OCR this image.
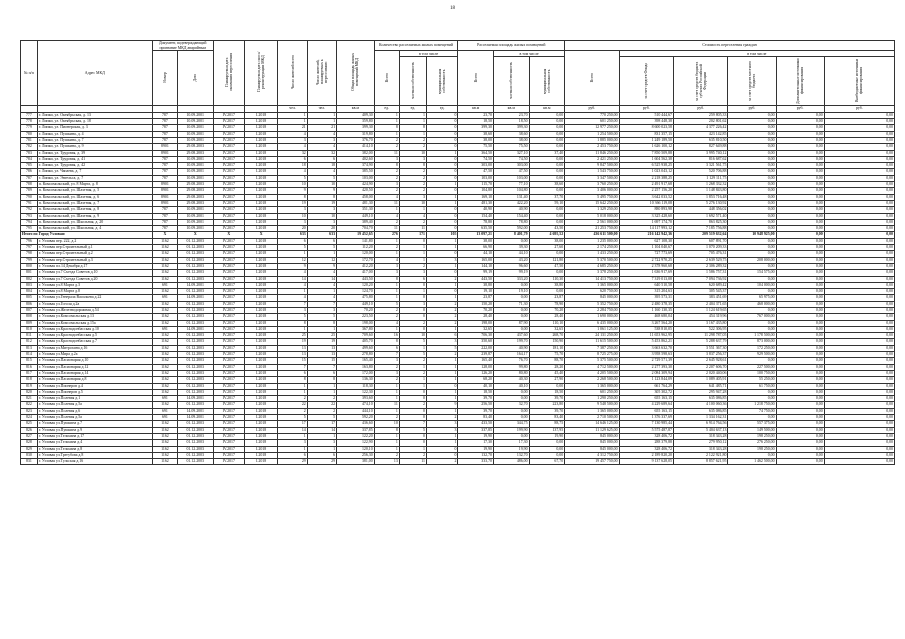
18
№ п/п	Адрес МКД	Документ, подтверждающий признание МКД аварийным		Планируемая дата окончания переселения	Планируемая дата сноса/ реконструкции МКД	Число жителей всего	Число жителей, планируемых к переселению	Общая площадь жилых помещений МКД	Количество расселяемых жилых помещений			Расселяемая площадь жилых помещений			Стоимость переселения граждан					
		Номер	Дата						Всего	в том числе		Всего	в том числе		Всего	в том числе				
										частная собственность	муниципальная собственность		частная собственность	муниципальная собственность		за счет средств Фонда	за счет средств бюджета субъекта Российской Федерации	за счет средств местного бюджета	Дополнительные источники финансирования	Внебюджетные источники финансирования
						чел.	чел.	кв.м	ед.	ед.	ед.	кв.м	кв.м	кв.м	руб.	руб.	руб.	руб.	руб.	руб.
777	г. Липки, ул. Октябрьская, д. 13	787	10.09.2001	IV.2017	I.2018	1	1	409,30	1	1	0	23,70	23,70	0,00	770 250,00	510 444,67	259 805,33	0,00	0,00	0,00
778	г. Липки, ул. Октябрьская, д. 18	787	10.09.2001	IV.2017	I.2018	1	1	359,80	1	1	0	18,50	18,50	0,00	601 250,00	398 448,38	202 801,62	0,00	0,00	0,00
779	г. Липки, ул. Пионерская, д. 3	787	10.09.2001	IV.2017	I.2018	21	21	399,30	8	8	0	399,30	399,30	0,00	12 977 250,00	8 600 023,58	4 377 226,42	0,00	0,00	0,00
780	г. Липки, ул. Пушкина, д. 4	787	10.09.2001	IV.2017	I.2018	4	4	319,80	1	1	0	38,60	38,60	0,00	1 254 500,00	831 357,15	423 142,85	0,00	0,00	0,00
781	г. Липки, ул. Пушкина, д. 7	787	10.09.2001	IV.2017	I.2018	3	3	376,70	2	2	0	38,00	38,00	0,00	1 885 000,00	1 249 189,50	635 810,50	0,00	0,00	0,00
782	г. Липки, ул. Пушкина, д. 9	8901	29.08.2003	IV.2017	I.2018	4	4	414,10	2	2	0	75,50	75,50	0,00	2 453 750,00	1 626 100,12	827 649,88	0,00	0,00	0,00
783	г. Липки, ул. Трудовая, д. 39	8901	29.08.2003	IV.2017	I.2018	32	32	382,00	11	10	1	364,50	327,10	37,40	11 846 250,00	7 850 509,88	3 995 740,12	0,00	0,00	0,00
784	г. Липки, ул. Трудовая, д. 41	787	10.09.2001	IV.2017	I.2018	6	6	402,60	3	3	0	74,50	74,50	0,00	2 421 250,00	1 604 562,38	816 687,62	0,00	0,00	0,00
785	г. Липки, ул. Трудовая, д. 42	787	10.09.2001	IV.2017	I.2018	18	18	374,90	8	8	0	303,00	303,00	0,00	9 847 500,00	6 525 938,25	3 321 561,75	0,00	0,00	0,00
786	г. Липки, ул. Чапаева, д. 7	787	10.09.2001	IV.2017	I.2018	4	4	385,50	2	2	0	47,50	47,50	0,00	1 543 750,00	1 023 043,12	520 706,88	0,00	0,00	0,00
787	г. Липки, ул. Энгельса, д. 7	787	10.09.2001	IV.2017	I.2018	5	5	103,00	2	2	0	103,00	103,00	0,00	3 347 500,00	2 218 388,25	1 129 111,75	0,00	0,00	0,00
788	п. Комсомольский, ул. 8 Марта, д. 8	8901	29.08.2003	IV.2017	I.2018	10	10	424,90	3	2	1	115,70	77,10	38,60	3 760 250,00	2 491 917,68	1 268 332,32	0,00	0,00	0,00
789	п. Комсомольский, ул. Шахтная, д. 5	8901	29.08.2003	IV.2017	I.2018	9	9	420,50	2	2	0	104,80	104,80	0,00	3 406 000,00	2 257 156,20	1 148 843,80	0,00	0,00	0,00
790	п. Комсомольский, ул. Шахтная, д. 6	8901	29.08.2003	IV.2017	I.2018	8	8	458,00	4	3	1	169,10	131,40	37,70	5 495 750,00	3 642 033,52	1 853 716,48	0,00	0,00	0,00
791	п. Комсомольский, ул. Шахтная, д. 7	8901	29.08.2003	IV.2017	I.2018	19	19	481,30	11	10	1	481,30	422,20	59,10	15 642 250,00	10 366 119,08	5 276 130,92	0,00	0,00	0,00
792	п. Комсомольский, ул. Шахтная, д. 8	787	10.09.2001	IV.2017	I.2018	3	3	351,30	1	1	0	40,90	40,90	0,00	1 329 250,00	880 893,98	448 356,02	0,00	0,00	0,00
793	п. Комсомольский, ул. Шахтная, д. 9	787	10.09.2001	IV.2017	I.2018	10	10	449,10	4	4	0	154,40	154,40	0,00	5 018 000,00	3 325 428,60	1 692 571,40	0,00	0,00	0,00
794	п. Комсомольский, ул. Школьная, д. 20	787	10.09.2001	IV.2017	I.2018	3	3	389,40	2	2	0	78,80	78,80	0,00	2 561 000,00	1 697 174,70	863 825,30	0,00	0,00	0,00
795	п. Комсомольский, ул. Школьная, д. 4	787	10.09.2001	IV.2017	I.2018	20	20	704,70	11	11	0	635,50	592,00	43,50	21 253 750,00	14 117 993,12	7 185 756,88	0,00	0,00	0,00
Итого по Город Узловая:		X	X	X	X	633	633	19 452,65	276	171	105	13 097,21	8 401,79	4 695,52	436 611 500,00	216 142 942,36	209 519 632,64	10 948 925,00	0,00	0,00
796	г. Узловая пер. 222, д.2	1162	01.12.2003	IV.2017	I.2018	6	6	141,80	1	0	1	38,00	0,00	38,00	1 235 000,00	627 108,30	607 891,70	0,00	0,00	0,00
797	г. Узловая пер.Строительный д.1	1162	01.12.2003	IV.2017	I.2018	5	5	112,20	2	1	1	66,90	39,30	27,60	2 174 250,00	1 104 040,67	1 070 209,33	0,00	0,00	0,00
798	г. Узловая пер.Строительный д.2	1162	01.12.2003	IV.2017	I.2018	1	1	120,00	1	1	0	44,10	44,10	0,00	1 433 250,00	727 773,69	705 476,31	0,00	0,00	0,00
799	г. Узловая пер.Строительный д.3	1162	01.12.2003	IV.2017	I.2018	12	12	172,70	4	1	3	165,00	43,20	121,80	5 370 500,00	2 722 970,25	2 639 529,75	208 000,00	0,00	0,00
800	г. Узловая пл.14 Декабря д.17	1162	01.12.2003	IV.2017	I.2018	9	9	412,20	3	2	1	144,10	96,60	47,50	4 685 250,00	2 378 960,68	2 306 289,32	0,00	0,00	0,00
801	г. Узловая ул.7 Съезда Советов д.10	1162	01.12.2003	IV.2017	I.2018	4	4	417,00	3	3	0	99,19	99,19	0,00	3 378 250,00	1 636 917,69	1 586 757,31	154 575,00	0,00	0,00
802	г. Узловая ул.7 Съезда Советов д.20	1162	01.12.2003	IV.2017	I.2018	14	14	443,50	8	6	2	443,50	333,20	110,30	14 413 750,00	7 319 013,08	7 094 736,92	0,00	0,00	0,00
803	г. Узловая ул.8 Марта д.3	691	14.09.2001	IV.2017	I.2018	4	4	120,20	1	0	1	38,80	0,00	38,80	1 365 000,00	640 510,58	620 689,42	104 000,00	0,00	0,00
804	г. Узловая ул.8 Марта д.8	1162	01.12.2003	IV.2017	I.2018	1	1	124,70	1	1	0	19,10	19,10	0,00	620 750,00	315 204,63	305 545,37	0,00	0,00	0,00
805	г. Узловая ул.Генерала Васильева д.22	691	14.09.2001	IV.2017	I.2018	4	4	475,80	1	0	1	23,87	0,00	23,87	845 000,00	395 573,31	383 451,69	65 975,00	0,00	0,00
806	г. Узловая ул.Гоголя д.2а	1162	01.12.2003	IV.2017	I.2018	7	7	449,10	5	3	2	150,20	71,30	78,90	5 352 750,00	2 480 378,35	2 404 371,65	468 000,00	0,00	0,00
807	г. Узловая ул.Железнодорожная д.54	1162	01.12.2003	IV.2017	I.2018	3	3	70,20	2	0	2	70,20	0,00	70,20	2 284 750,00	1 160 130,35	1 124 619,65	0,00	0,00	0,00
808	г. Узловая ул.Комсомольская д.13	1162	01.12.2003	IV.2017	I.2018	5	5	223,50	2	0	2	28,40	0,00	28,40	1 690 000,00	468 680,04	454 319,96	767 000,00	0,00	0,00
809	г. Узловая ул.Комсомольская д.15а	1162	01.12.2003	IV.2017	I.2018	8	8	198,00	4	2	2	198,00	87,90	110,10	6 435 000,00	3 267 564,20	3 167 435,80	0,00	0,00	0,00
810	г. Узловая ул.Краснодонбасская д.10	691	14.09.2001	IV.2017	I.2018	1	1	367,80	1	0	1	32,65	0,00	32,65	1 061 125,00	538 810,05	522 306,95	0,00	0,00	0,00
811	г. Узловая ул.Краснодонбасская д.5	1162	01.12.2003	IV.2017	I.2018	25	25	709,60	16	10	6	706,30	437,60	268,70	24 131 250,00	11 653 962,95	11 298 787,05	1 178 500,00	0,00	0,00
812	г. Узловая ул.Краснодонбасская д.7	1162	01.12.2003	IV.2017	I.2018	19	19	405,70	8	5	3	350,60	199,70	150,90	11 615 500,00	5 453 862,21	5 288 637,79	873 000,00	0,00	0,00
813	г. Узловая ул.Митрохина д.16	1162	01.12.2003	IV.2017	I.2018	13	13	499,60	6	1	5	222,00	40,90	181,10	7 387 250,00	3 663 632,70	3 551 367,30	172 250,00	0,00	0,00
814	г. Узловая ул.Мира д.2а	1162	01.12.2003	IV.2017	I.2018	13	13	278,80	7	5	2	239,87	164,17	75,70	8 725 275,00	3 958 598,63	3 837 256,37	929 500,00	0,00	0,00
815	г. Узловая ул.Пасионария д.10	1162	01.12.2003	IV.2017	I.2018	15	15	165,40	3	2	1	165,40	76,70	88,70	5 375 500,00	2 729 571,39	2 645 928,61	0,00	0,00	0,00
816	г. Узловая ул.Пасионария д.12	1162	01.12.2003	IV.2017	I.2018	7	7	163,80	2	1	1	128,00	99,80	28,20	4 712 500,00	2 277 393,30	2 207 606,70	227 500,00	0,00	0,00
817	г. Узловая ул.Пасионария д.14	1162	01.12.2003	IV.2017	I.2018	6	6	172,00	3	2	1	126,20	80,80	45,40	4 205 500,00	2 084 309,94	2 020 440,06	100 750,00	0,00	0,00
818	г. Узловая ул.Пасионария д.8	1162	01.12.2003	IV.2017	I.2018	8	8	136,30	2	1	1	68,20	40,30	27,90	2 268 500,00	1 123 844,09	1 089 405,91	55 250,00	0,00	0,00
819	г. Узловая ул.Пионеров д.4	1162	01.12.2003	IV.2017	I.2018	1	1	118,30	1	1	0	40,10	40,10	0,00	1 365 000,00	661 764,29	641 485,71	61 750,00	0,00	0,00
820	г. Узловая ул.Пионеров д.5	1162	01.12.2003	IV.2017	I.2018	1	1	122,30	1	0	1	18,50	0,00	18,50	601 250,00	305 302,72	295 947,28	0,00	0,00	0,00
821	г. Узловая ул.Полевая д.1	691	14.09.2001	IV.2017	I.2018	2	2	393,60	1	0	1	39,70	0,00	39,70	1 290 250,00	655 163,15	635 086,85	0,00	0,00	0,00
822	г. Узловая ул.Полевая д.5а	1162	01.12.2003	IV.2017	I.2018	22	22	474,10	11	2	9	256,50	32,70	223,80	9 548 500,00	4 229 689,64	4 100 060,36	1 218 750,00	0,00	0,00
823	г. Узловая ул.Полевая д.6	691	14.09.2001	IV.2017	I.2018	2	2	444,10	1	0	1	39,70	0,00	39,70	1 365 000,00	655 163,15	635 086,85	74 750,00	0,00	0,00
824	г. Узловая ул.Полевая д.5а	691	14.09.2001	IV.2017	I.2018	5	5	592,20	2	0	2	83,40	0,00	83,40	2 710 500,00	1 376 337,69	1 334 162,31	0,00	0,00	0,00
825	г. Узловая ул.Пушкина д.7	1162	01.12.2003	IV.2017	I.2018	17	17	436,60	10	7	3	433,50	344,75	88,75	14 646 125,00	7 130 985,44	6 914 764,56	557 375,00	0,00	0,00
826	г. Узловая ул.Пушкина д.9	1162	01.12.2003	IV.2017	I.2018	14	14	337,85	8	5	3	337,85	199,90	137,95	11 129 625,00	5 575 487,87	5 404 637,13	149 500,00	0,00	0,00
827	г. Узловая ул.Тельмана д.17	1162	01.12.2003	IV.2017	I.2018	1	1	122,20	1	0	1	19,90	0,00	19,90	845 000,00	328 406,72	318 343,28	198 250,00	0,00	0,00
828	г. Узловая ул.Тельмана д.4	1162	01.12.2003	IV.2017	I.2018	3	3	122,90	1	0	1	17,30	17,30	0,00	845 000,00	288 379,88	279 950,12	276 250,00	0,00	0,00
829	г. Узловая ул.Тельмана д.8	1162	01.12.2003	IV.2017	I.2018	1	1	120,10	1	1	0	19,90	19,90	0,00	845 000,00	328 406,72	318 343,28	198 250,00	0,00	0,00
830	г. Узловая ул.Трегубова д.8	1162	01.12.2003	IV.2017	I.2018	6	6	256,30	2	2	0	132,70	132,70	0,00	4 312 750,00	2 189 820,20	2 122 921,80	0,00	0,00	0,00
831	г. Узловая ул.Тульская д.16	1162	01.12.2003	IV.2017	I.2018	29	29	381,00	13	11	2	333,70	486,00	67,70	19 457 750,00	9 137 628,05	8 857 621,95	1 462 500,00	0,00	0,00
